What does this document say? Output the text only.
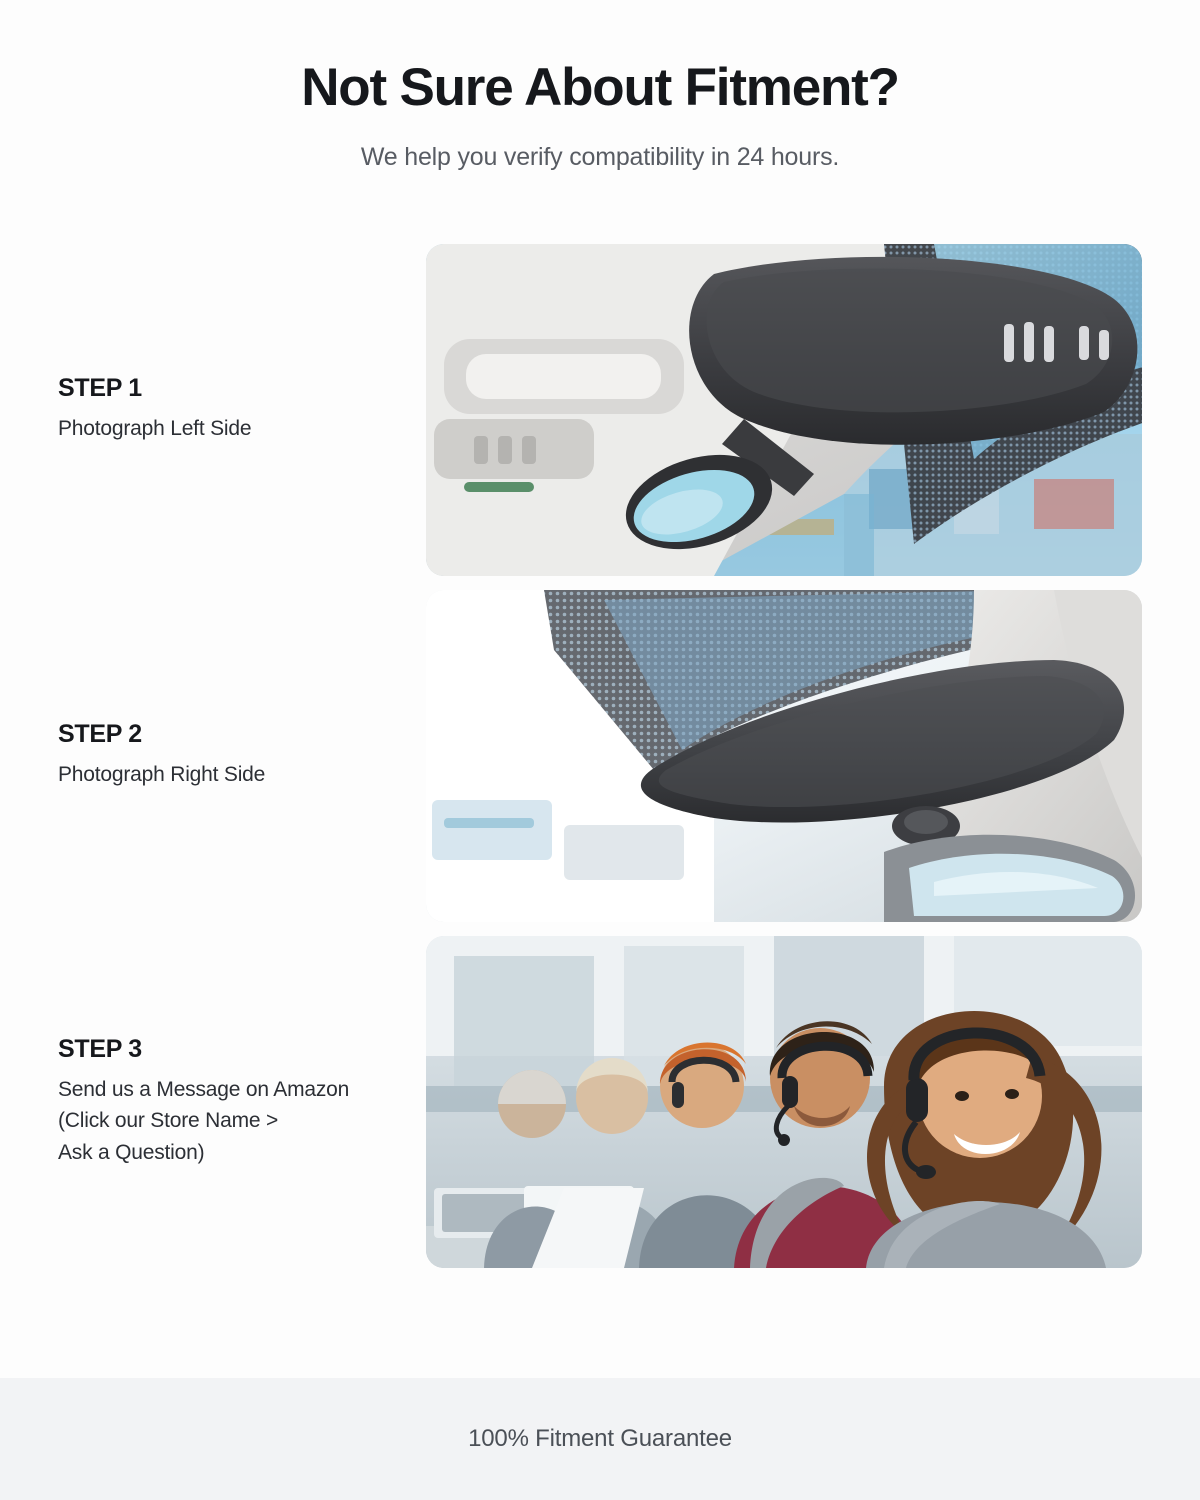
Not Sure About Fitment?

We help you verify compatibility in 24 hours.

STEP 1
Photograph Left Side
STEP 2
Photograph Right Side
STEP 3
Send us a Message on Amazon
(Click our Store Name >
Ask a Question)
100% Fitment Guarantee
